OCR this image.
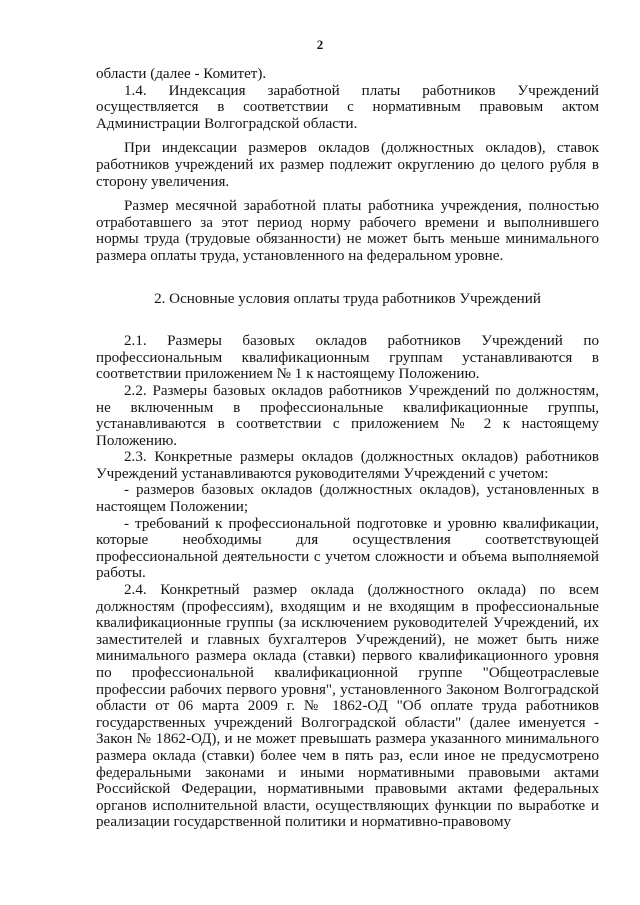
2

области (далее - Комитет).

1.4. Индексация заработной платы работников Учреждений осуществляется в соответствии с нормативным правовым актом Администрации Волгоградской области.

При индексации размеров окладов (должностных окладов), ставок работников учреждений их размер подлежит округлению до целого рубля в сторону увеличения.

Размер месячной заработной платы работника учреждения, полностью отработавшего за этот период норму рабочего времени и выполнившего нормы труда (трудовые обязанности) не может быть меньше минимального размера оплаты труда, установленного на федеральном уровне.

2. Основные условия оплаты труда работников Учреждений

2.1. Размеры базовых окладов работников Учреждений по профессиональным квалификационным группам устанавливаются в соответствии приложением № 1 к настоящему Положению.

2.2. Размеры базовых окладов работников Учреждений по должностям, не включенным в профессиональные квалификационные группы, устанавливаются в соответствии с приложением № 2 к настоящему Положению.

2.3. Конкретные размеры окладов (должностных окладов) работников Учреждений устанавливаются руководителями Учреждений с учетом:

- размеров базовых окладов (должностных окладов), установленных в настоящем Положении;

- требований к профессиональной подготовке и уровню квалификации, которые необходимы для осуществления соответствующей профессиональной деятельности с учетом сложности и объема выполняемой работы.

2.4. Конкретный размер оклада (должностного оклада) по всем должностям (профессиям), входящим и не входящим в профессиональные квалификационные группы (за исключением руководителей Учреждений, их заместителей и главных бухгалтеров Учреждений), не может быть ниже минимального размера оклада (ставки) первого квалификационного уровня по профессиональной квалификационной группе "Общеотраслевые профессии рабочих первого уровня", установленного Законом Волгоградской области от 06 марта 2009 г. № 1862-ОД "Об оплате труда работников государственных учреждений Волгоградской области" (далее именуется - Закон № 1862-ОД), и не может превышать размера указанного минимального размера оклада (ставки) более чем в пять раз, если иное не предусмотрено федеральными законами и иными нормативными правовыми актами Российской Федерации, нормативными правовыми актами федеральных органов исполнительной власти, осуществляющих функции по выработке и реализации государственной политики и нормативно-правовому
